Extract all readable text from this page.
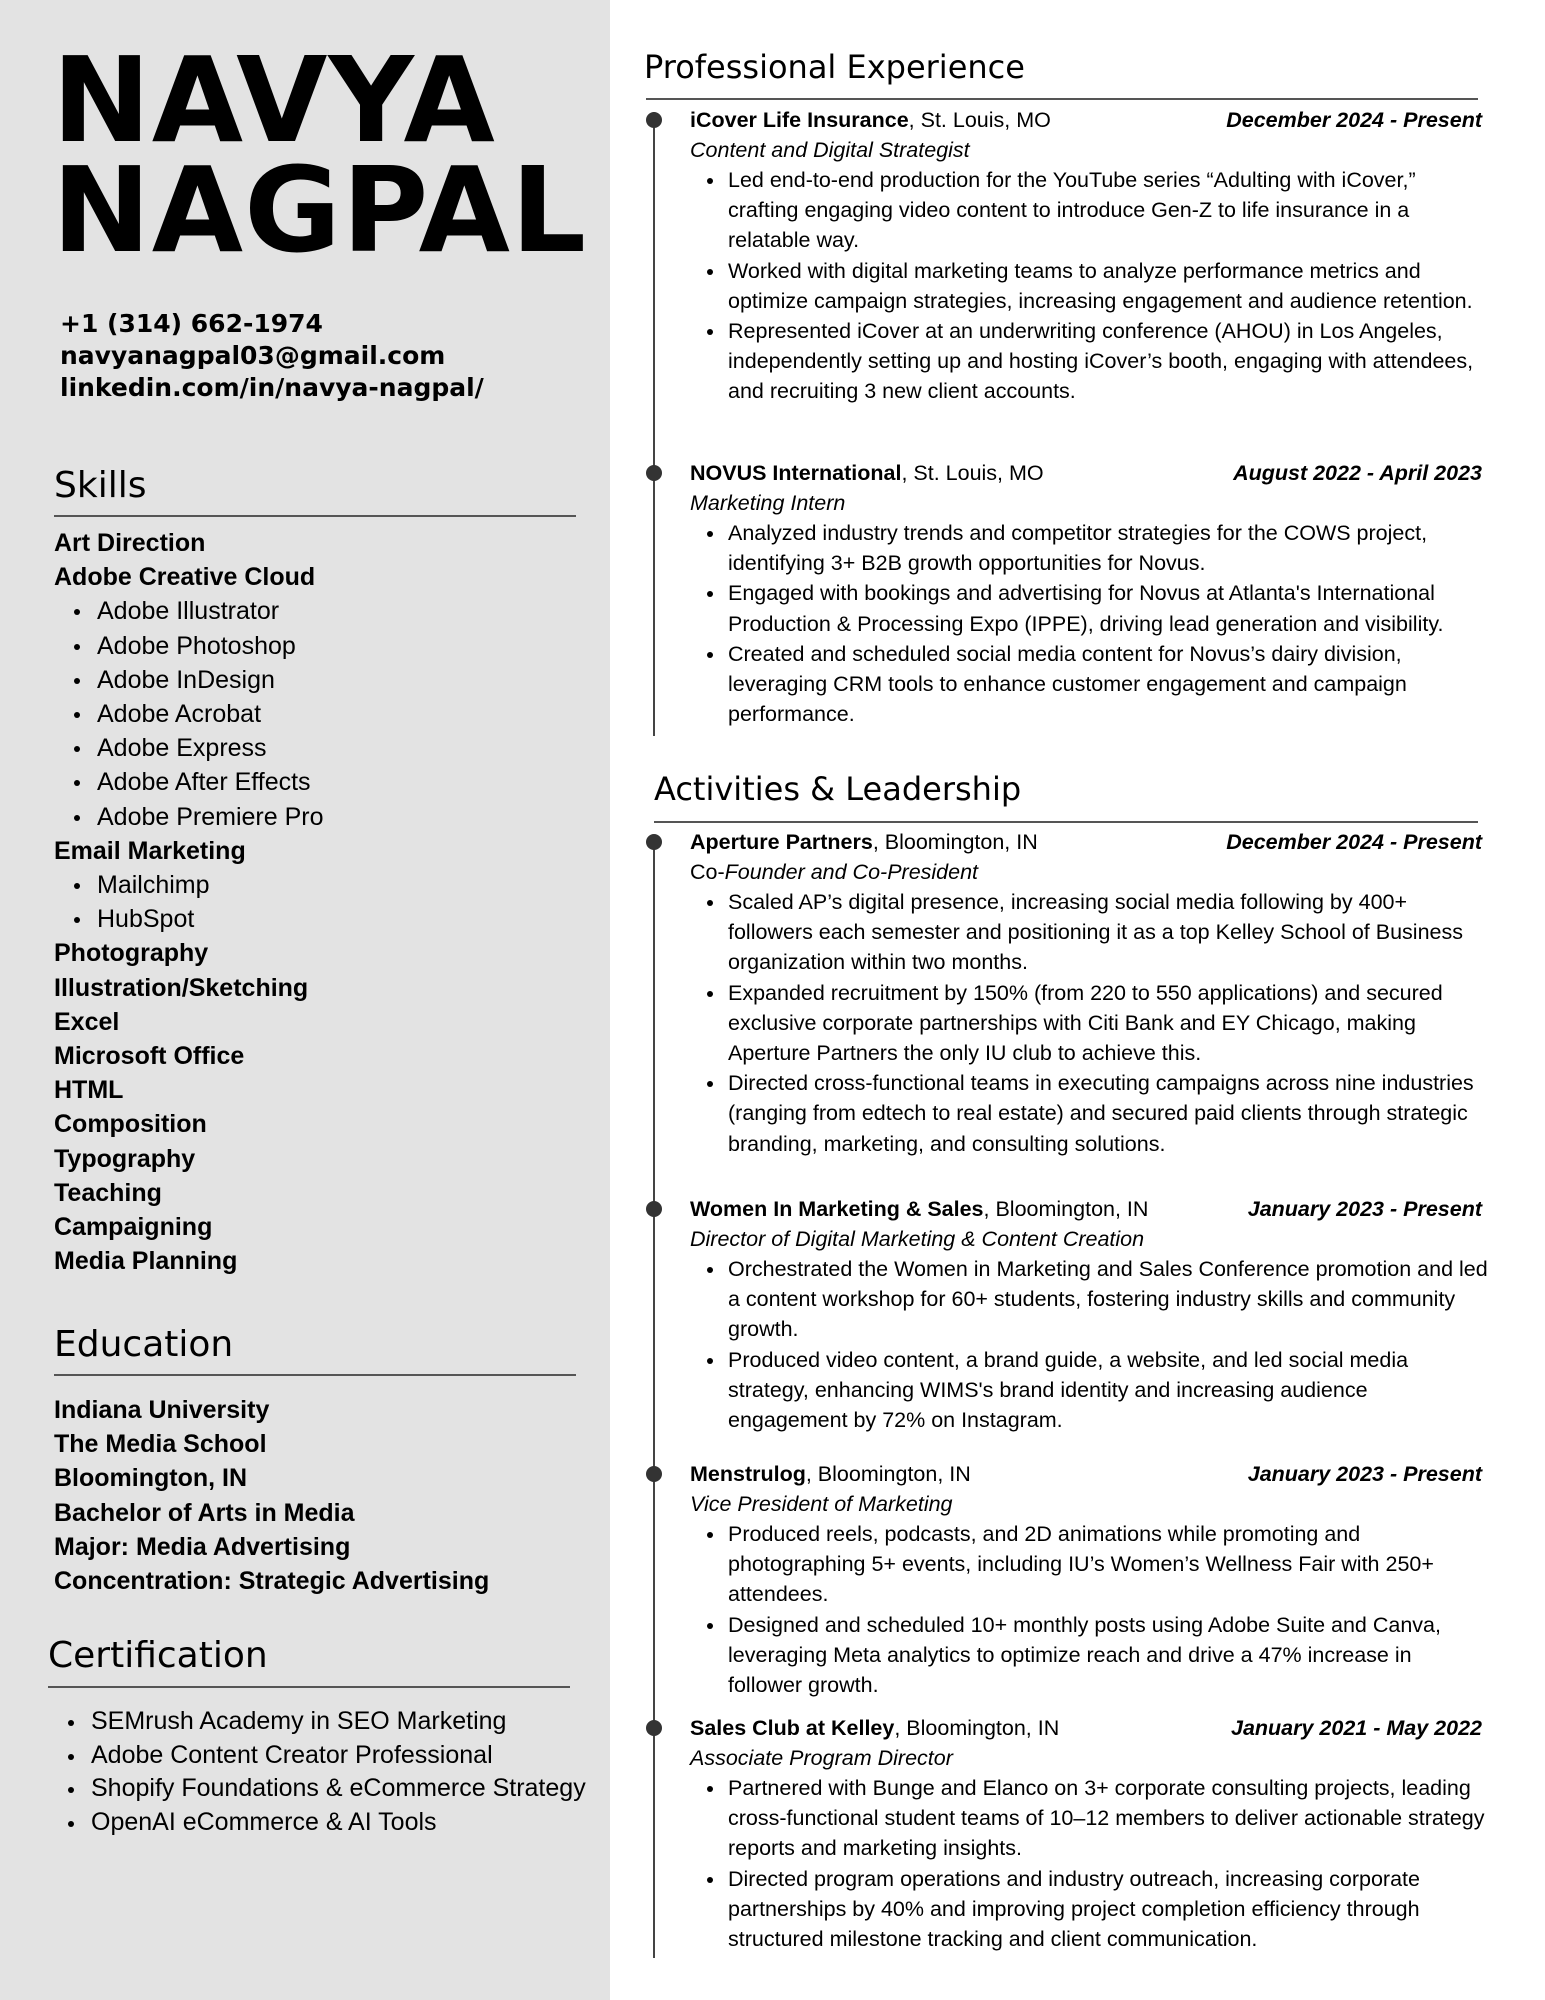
NAVYA
NAGPAL
+1 (314) 662-1974
navyanagpal03@gmail.com
linkedin.com/in/navya-nagpal/
Skills
Art Direction
Adobe Creative Cloud
Adobe Illustrator
Adobe Photoshop
Adobe InDesign
Adobe Acrobat
Adobe Express
Adobe After Effects
Adobe Premiere Pro
Email Marketing
Mailchimp
HubSpot
Photography
Illustration/Sketching
Excel
Microsoft Office
HTML
Composition
Typography
Teaching
Campaigning
Media Planning
Education
Indiana University
The Media School
Bloomington, IN
Bachelor of Arts in Media
Major: Media Advertising
Concentration: Strategic Advertising
Certification
SEMrush Academy in SEO Marketing
Adobe Content Creator Professional
Shopify Foundations & eCommerce Strategy
OpenAI eCommerce & AI Tools
Professional Experience
iCover Life Insurance, St. Louis, MO	December 2024 - Present
Content and Digital Strategist
Led end-to-end production for the YouTube series “Adulting with iCover,” crafting engaging video content to introduce Gen-Z to life insurance in a relatable way.
Worked with digital marketing teams to analyze performance metrics and optimize campaign strategies, increasing engagement and audience retention.
Represented iCover at an underwriting conference (AHOU) in Los Angeles, independently setting up and hosting iCover’s booth, engaging with attendees, and recruiting 3 new client accounts.
NOVUS International, St. Louis, MO	August 2022 - April 2023
Marketing Intern
Analyzed industry trends and competitor strategies for the COWS project, identifying 3+ B2B growth opportunities for Novus.
Engaged with bookings and advertising for Novus at Atlanta's International Production & Processing Expo (IPPE), driving lead generation and visibility.
Created and scheduled social media content for Novus’s dairy division, leveraging CRM tools to enhance customer engagement and campaign performance.
Activities & Leadership
Aperture Partners, Bloomington, IN	December 2024 - Present
Co-Founder and Co-President
Scaled AP’s digital presence, increasing social media following by 400+ followers each semester and positioning it as a top Kelley School of Business organization within two months.
Expanded recruitment by 150% (from 220 to 550 applications) and secured exclusive corporate partnerships with Citi Bank and EY Chicago, making Aperture Partners the only IU club to achieve this.
Directed cross-functional teams in executing campaigns across nine industries (ranging from edtech to real estate) and secured paid clients through strategic branding, marketing, and consulting solutions.
Women In Marketing & Sales, Bloomington, IN	January 2023 - Present
Director of Digital Marketing & Content Creation
Orchestrated the Women in Marketing and Sales Conference promotion and led a content workshop for 60+ students, fostering industry skills and community growth.
Produced video content, a brand guide, a website, and led social media strategy, enhancing WIMS's brand identity and increasing audience engagement by 72% on Instagram.
Menstrulog, Bloomington, IN	January 2023 - Present
Vice President of Marketing
Produced reels, podcasts, and 2D animations while promoting and photographing 5+ events, including IU’s Women’s Wellness Fair with 250+ attendees.
Designed and scheduled 10+ monthly posts using Adobe Suite and Canva, leveraging Meta analytics to optimize reach and drive a 47% increase in follower growth.
Sales Club at Kelley, Bloomington, IN	January 2021 - May 2022
Associate Program Director
Partnered with Bunge and Elanco on 3+ corporate consulting projects, leading cross-functional student teams of 10–12 members to deliver actionable strategy reports and marketing insights.
Directed program operations and industry outreach, increasing corporate partnerships by 40% and improving project completion efficiency through structured milestone tracking and client communication.
